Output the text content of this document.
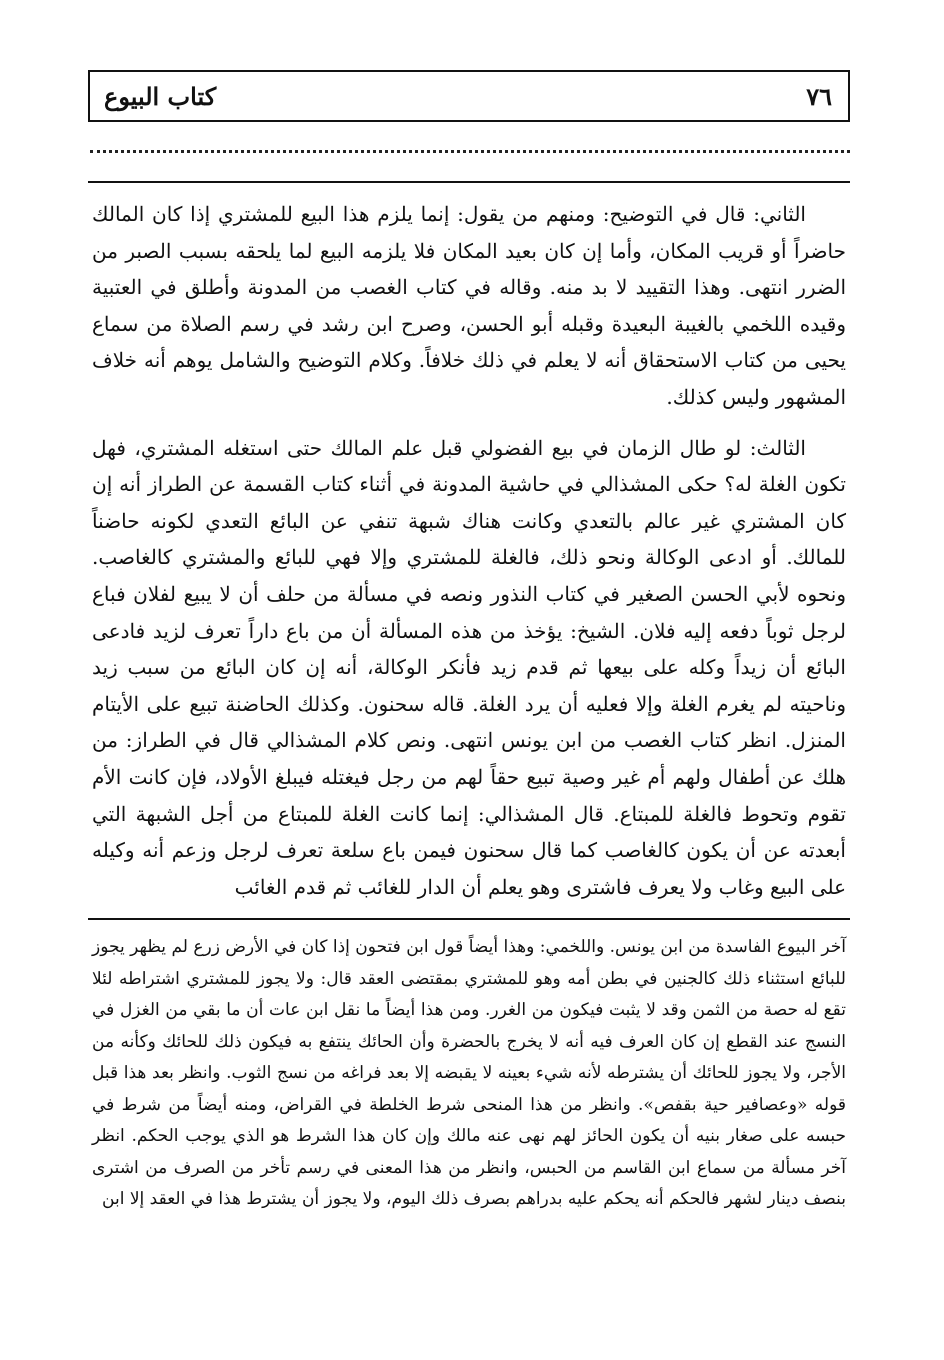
٧٦
كتاب البيوع

الثاني: قال في التوضيح: ومنهم من يقول: إنما يلزم هذا البيع للمشتري إذا كان المالك حاضراً أو قريب المكان، وأما إن كان بعيد المكان فلا يلزمه البيع لما يلحقه بسبب الصبر من الضرر انتهى. وهذا التقييد لا بد منه. وقاله في كتاب الغصب من المدونة وأطلق في العتبية وقيده اللخمي بالغيبة البعيدة وقبله أبو الحسن، وصرح ابن رشد في رسم الصلاة من سماع يحيى من كتاب الاستحقاق أنه لا يعلم في ذلك خلافاً. وكلام التوضيح والشامل يوهم أنه خلاف المشهور وليس كذلك.

الثالث: لو طال الزمان في بيع الفضولي قبل علم المالك حتى استغله المشتري، فهل تكون الغلة له؟ حكى المشذالي في حاشية المدونة في أثناء كتاب القسمة عن الطراز أنه إن كان المشتري غير عالم بالتعدي وكانت هناك شبهة تنفي عن البائع التعدي لكونه حاضناً للمالك. أو ادعى الوكالة ونحو ذلك، فالغلة للمشتري وإلا فهي للبائع والمشتري كالغاصب. ونحوه لأبي الحسن الصغير في كتاب النذور ونصه في مسألة من حلف أن لا يبيع لفلان فباع لرجل ثوباً دفعه إليه فلان. الشيخ: يؤخذ من هذه المسألة أن من باع داراً تعرف لزيد فادعى البائع أن زيداً وكله على بيعها ثم قدم زيد فأنكر الوكالة، أنه إن كان البائع من سبب زيد وناحيته لم يغرم الغلة وإلا فعليه أن يرد الغلة. قاله سحنون. وكذلك الحاضنة تبيع على الأيتام المنزل. انظر كتاب الغصب من ابن يونس انتهى. ونص كلام المشذالي قال في الطراز: من هلك عن أطفال ولهم أم غير وصية تبيع حقاً لهم من رجل فيغتله فيبلغ الأولاد، فإن كانت الأم تقوم وتحوط فالغلة للمبتاع. قال المشذالي: إنما كانت الغلة للمبتاع من أجل الشبهة التي أبعدته عن أن يكون كالغاصب كما قال سحنون فيمن باع سلعة تعرف لرجل وزعم أنه وكيله على البيع وغاب ولا يعرف فاشترى وهو يعلم أن الدار للغائب ثم قدم الغائب

آخر البيوع الفاسدة من ابن يونس. واللخمي: وهذا أيضاً قول ابن فتحون إذا كان في الأرض زرع لم يظهر يجوز للبائع استثناء ذلك كالجنين في بطن أمه وهو للمشتري بمقتضى العقد قال: ولا يجوز للمشتري اشتراطه لئلا تقع له حصة من الثمن وقد لا يثبت فيكون من الغرر. ومن هذا أيضاً ما نقل ابن عات أن ما بقي من الغزل في النسج عند القطع إن كان العرف فيه أنه لا يخرج بالحضرة وأن الحائك ينتفع به فيكون ذلك للحائك وكأنه من الأجر، ولا يجوز للحائك أن يشترطه لأنه شيء بعينه لا يقبضه إلا بعد فراغه من نسج الثوب. وانظر بعد هذا قبل قوله «وعصافير حية بقفص». وانظر من هذا المنحى شرط الخلطة في القراض، ومنه أيضاً من شرط في حبسه على صغار بنيه أن يكون الحائز لهم نهى عنه مالك وإن كان هذا الشرط هو الذي يوجب الحكم. انظر آخر مسألة من سماع ابن القاسم من الحبس، وانظر من هذا المعنى في رسم تأخر من الصرف من اشترى بنصف دينار لشهر فالحكم أنه يحكم عليه بدراهم بصرف ذلك اليوم، ولا يجوز أن يشترط هذا في العقد إلا ابن
